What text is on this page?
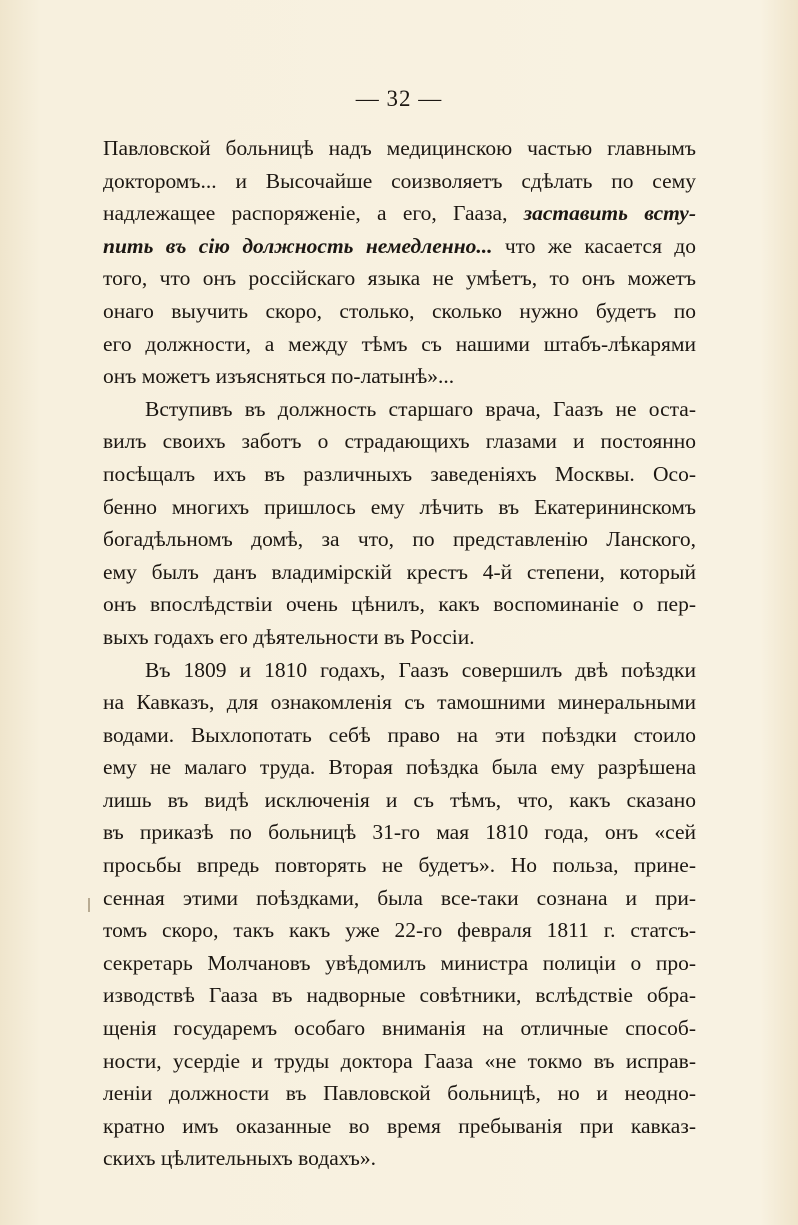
— 32 —
Павловской больницѣ надъ медицинскою частью главнымъ
докторомъ... и Высочайше соизволяетъ сдѣлать по сему
надлежащее распоряженіе, а его, Гааза, заставить всту-
пить въ сію должность немедленно... что же касается до
того, что онъ россійскаго языка не умѣетъ, то онъ можетъ
онаго выучить скоро, столько, сколько нужно будетъ по
его должности, а между тѣмъ съ нашими штабъ-лѣкарями
онъ можетъ изъясняться по-латынѣ»...
Вступивъ въ должность старшаго врача, Гаазъ не оста-
вилъ своихъ заботъ о страдающихъ глазами и постоянно
посѣщалъ ихъ въ различныхъ заведеніяхъ Москвы. Осо-
бенно многихъ пришлось ему лѣчить въ Екатерининскомъ
богадѣльномъ домѣ, за что, по представленію Ланского,
ему былъ данъ владимірскій крестъ 4-й степени, который
онъ впослѣдствіи очень цѣнилъ, какъ воспоминаніе о пер-
выхъ годахъ его дѣятельности въ Россіи.
Въ 1809 и 1810 годахъ, Гаазъ совершилъ двѣ поѣздки
на Кавказъ, для ознакомленія съ тамошними минеральными
водами. Выхлопотать себѣ право на эти поѣздки стоило
ему не малаго труда. Вторая поѣздка была ему разрѣшена
лишь въ видѣ исключенія и съ тѣмъ, что, какъ сказано
въ приказѣ по больницѣ 31-го мая 1810 года, онъ «сей
просьбы впредь повторять не будетъ». Но польза, прине-
сенная этими поѣздками, была все-таки сознана и при-
томъ скоро, такъ какъ уже 22-го февраля 1811 г. статсъ-
секретарь Молчановъ увѣдомилъ министра полиціи о про-
изводствѣ Гааза въ надворные совѣтники, вслѣдствіе обра-
щенія государемъ особаго вниманія на отличные способ-
ности, усердіе и труды доктора Гааза «не токмо въ исправ-
леніи должности въ Павловской больницѣ, но и неодно-
кратно имъ оказанные во время пребыванія при кавказ-
скихъ цѣлительныхъ водахъ».
